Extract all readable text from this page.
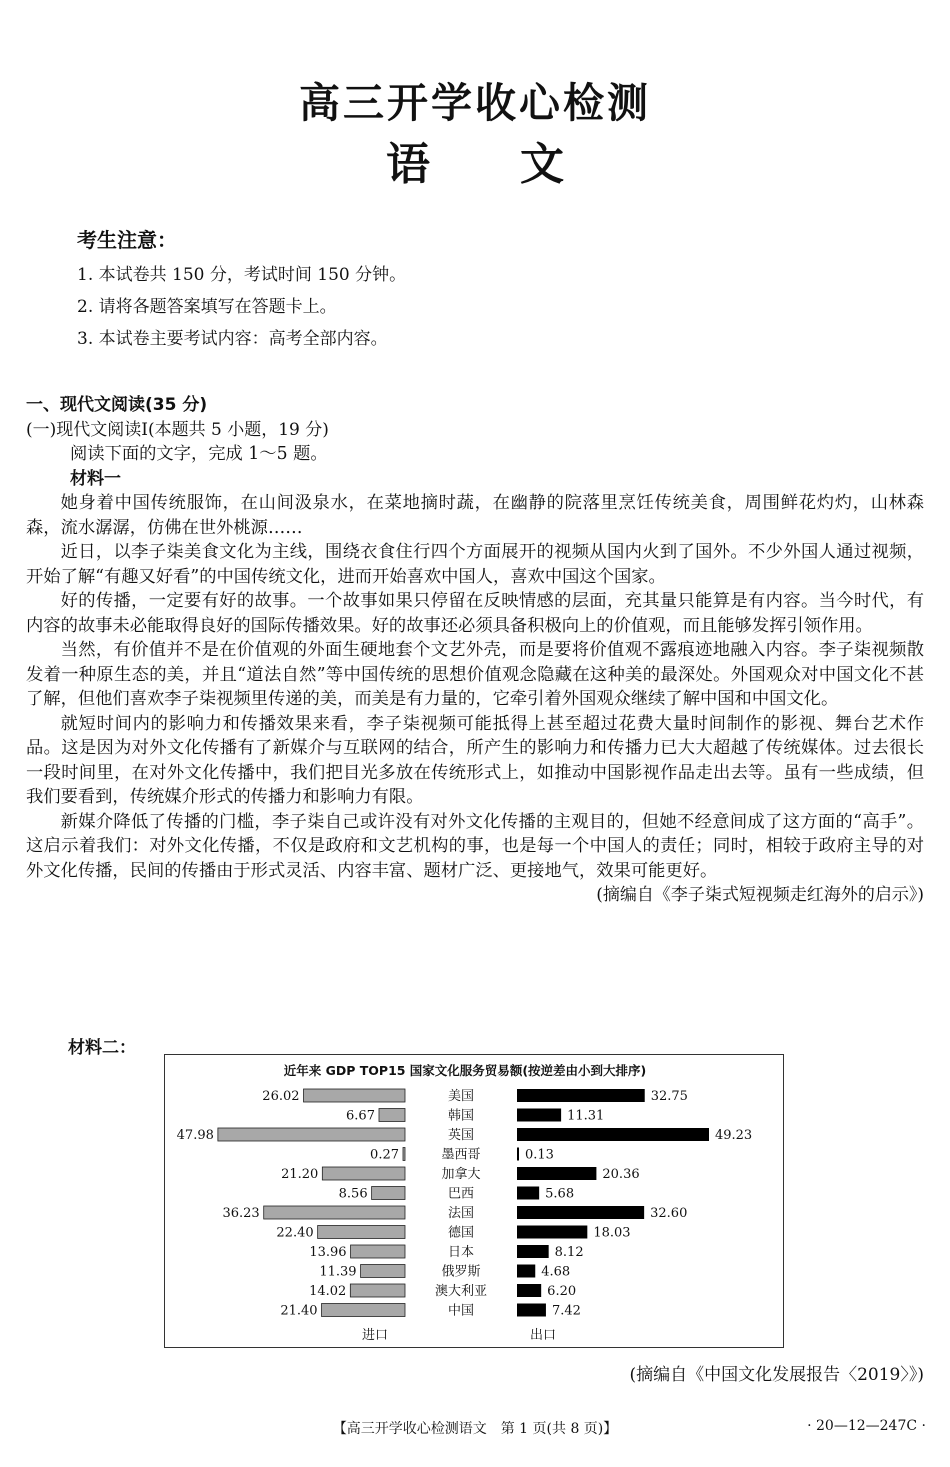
高三开学收心检测
语文
考生注意：
1. 本试卷共 150 分，考试时间 150 分钟。
2. 请将各题答案填写在答题卡上。
3. 本试卷主要考试内容：高考全部内容。
一、现代文阅读(35 分)
(一)现代文阅读Ⅰ(本题共 5 小题，19 分)
阅读下面的文字，完成 1～5 题。
材料一

她身着中国传统服饰，在山间汲泉水，在菜地摘时蔬，在幽静的院落里烹饪传统美食，周围鲜花灼灼，山林森森，流水潺潺，仿佛在世外桃源……

近日，以李子柒美食文化为主线，围绕衣食住行四个方面展开的视频从国内火到了国外。不少外国人通过视频，开始了解“有趣又好看”的中国传统文化，进而开始喜欢中国人，喜欢中国这个国家。

好的传播，一定要有好的故事。一个故事如果只停留在反映情感的层面，充其量只能算是有内容。当今时代，有内容的故事未必能取得良好的国际传播效果。好的故事还必须具备积极向上的价值观，而且能够发挥引领作用。

当然，有价值并不是在价值观的外面生硬地套个文艺外壳，而是要将价值观不露痕迹地融入内容。李子柒视频散发着一种原生态的美，并且“道法自然”等中国传统的思想价值观念隐藏在这种美的最深处。外国观众对中国文化不甚了解，但他们喜欢李子柒视频里传递的美，而美是有力量的，它牵引着外国观众继续了解中国和中国文化。

就短时间内的影响力和传播效果来看，李子柒视频可能抵得上甚至超过花费大量时间制作的影视、舞台艺术作品。这是因为对外文化传播有了新媒介与互联网的结合，所产生的影响力和传播力已大大超越了传统媒体。过去很长一段时间里，在对外文化传播中，我们把目光多放在传统形式上，如推动中国影视作品走出去等。虽有一些成绩，但我们要看到，传统媒介形式的传播力和影响力有限。

新媒介降低了传播的门槛，李子柒自己或许没有对外文化传播的主观目的，但她不经意间成了这方面的“高手”。这启示着我们：对外文化传播，不仅是政府和文艺机构的事，也是每一个中国人的责任；同时，相较于政府主导的对外文化传播，民间的传播由于形式灵活、内容丰富、题材广泛、更接地气，效果可能更好。

(摘编自《李子柒式短视频走红海外的启示》)
材料二：
近年来 GDP TOP15 国家文化服务贸易额(按逆差由小到大排序)
26.02	美国	32.75
6.67	韩国	11.31
47.98	英国	49.23
0.27	墨西哥	0.13
21.20	加拿大	20.36
8.56	巴西	5.68
36.23	法国	32.60
22.40	德国	18.03
13.96	日本	8.12
11.39	俄罗斯	4.68
14.02	澳大利亚	6.20
21.40	中国	7.42
进口	出口
(摘编自《中国文化发展报告〈2019〉》)
【高三开学收心检测语文　第 1 页(共 8 页)】	· 20—12—247C ·
